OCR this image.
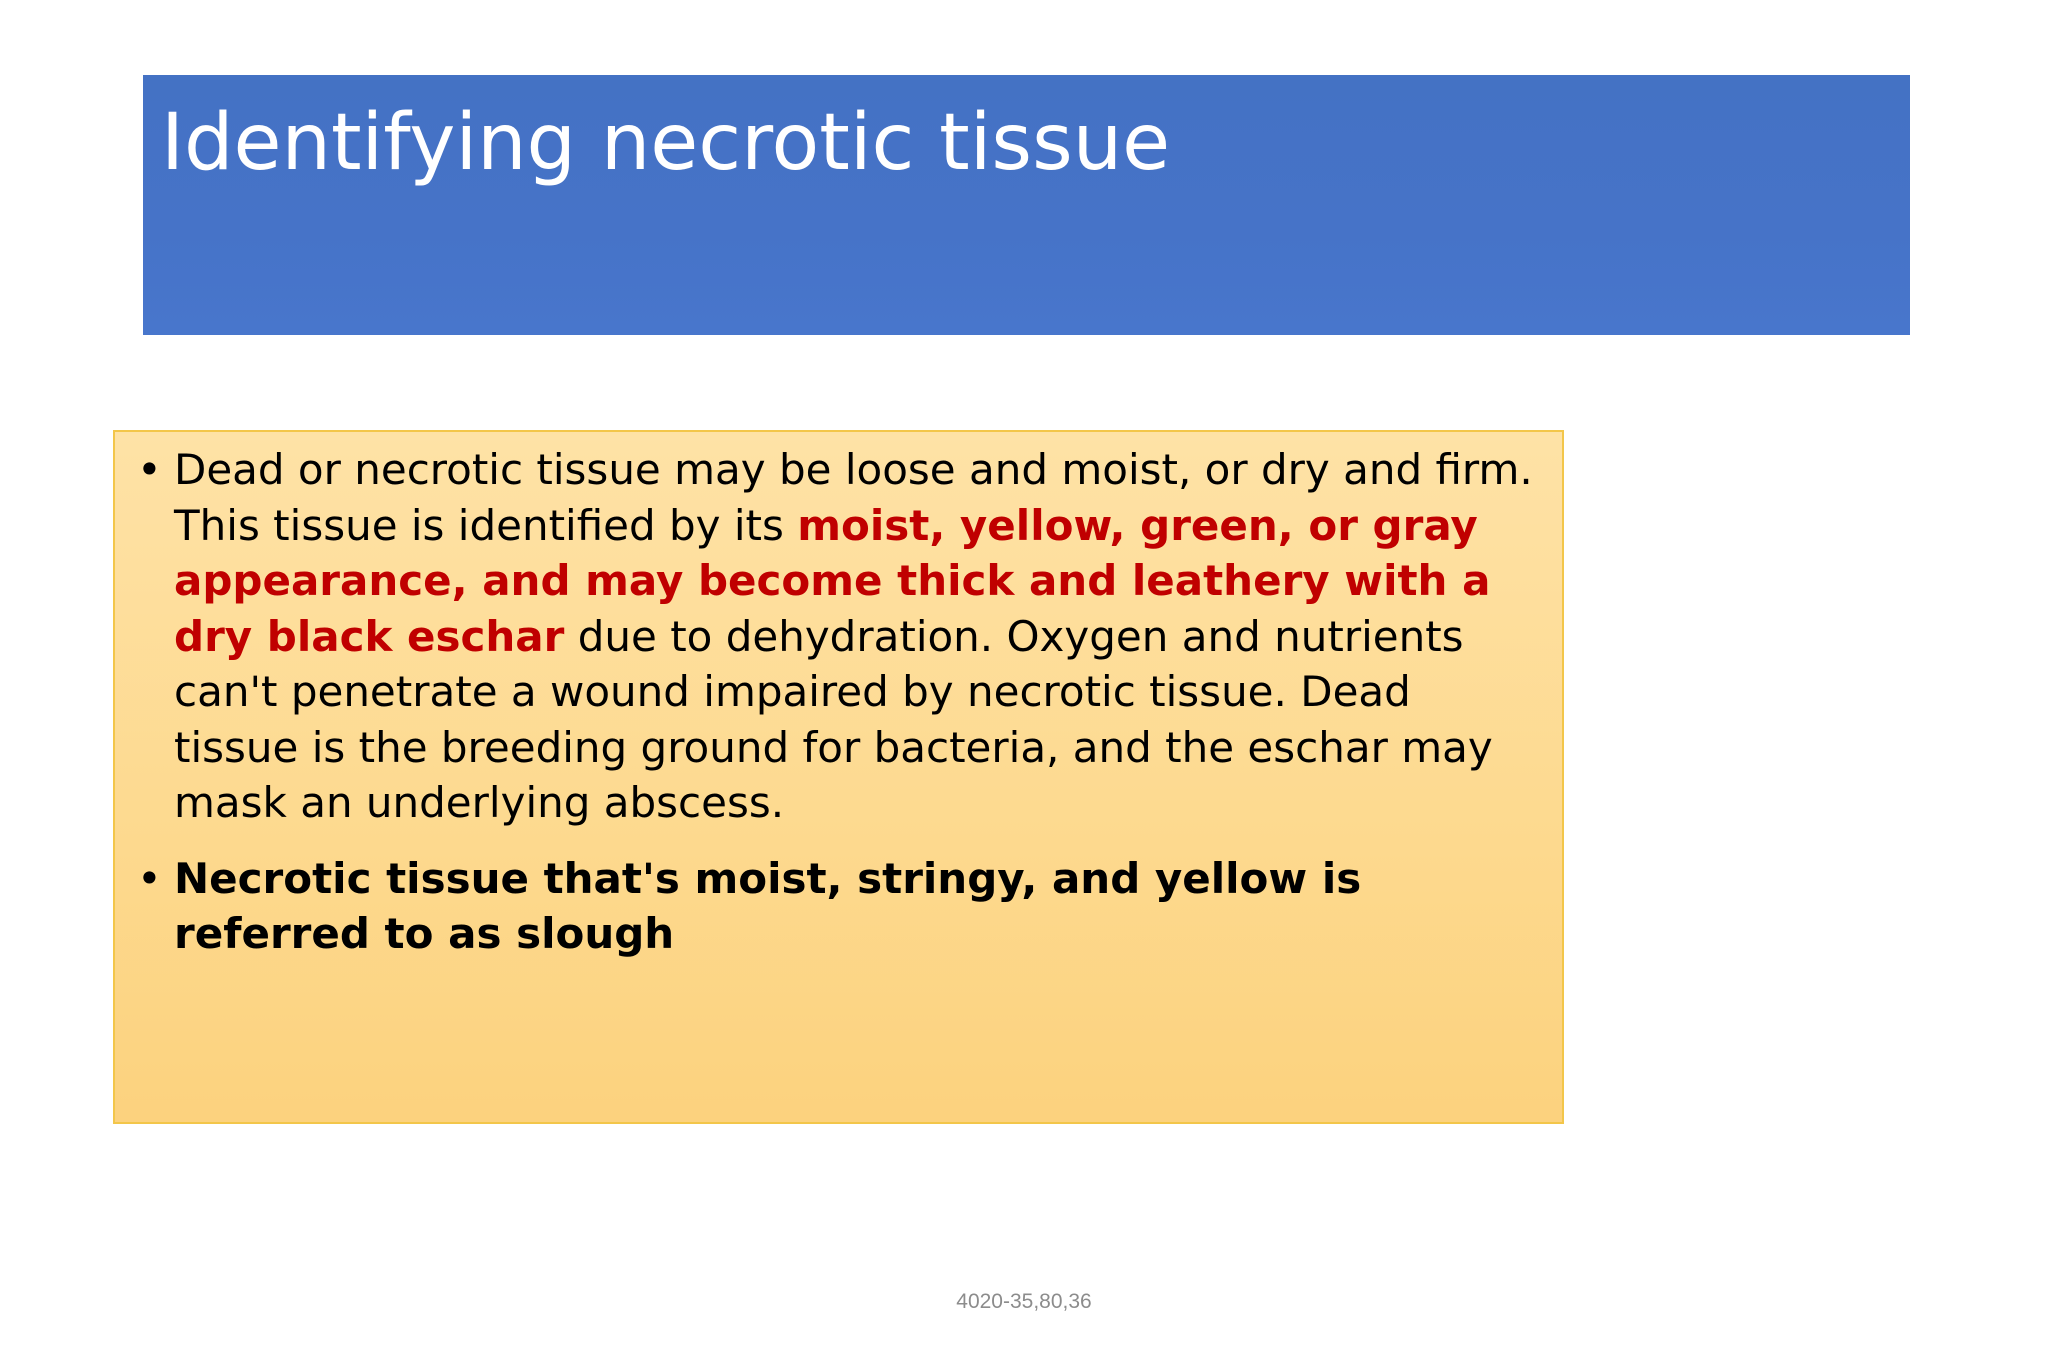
Identifying necrotic tissue
• Dead or necrotic tissue may be loose and moist, or dry and firm. This tissue is identified by its moist, yellow, green, or gray appearance, and may become thick and leathery with a dry black eschar due to dehydration. Oxygen and nutrients can't penetrate a wound impaired by necrotic tissue. Dead tissue is the breeding ground for bacteria, and the eschar may mask an underlying abscess.
• Necrotic tissue that's moist, stringy, and yellow is referred to as slough
4020-35,80,36
